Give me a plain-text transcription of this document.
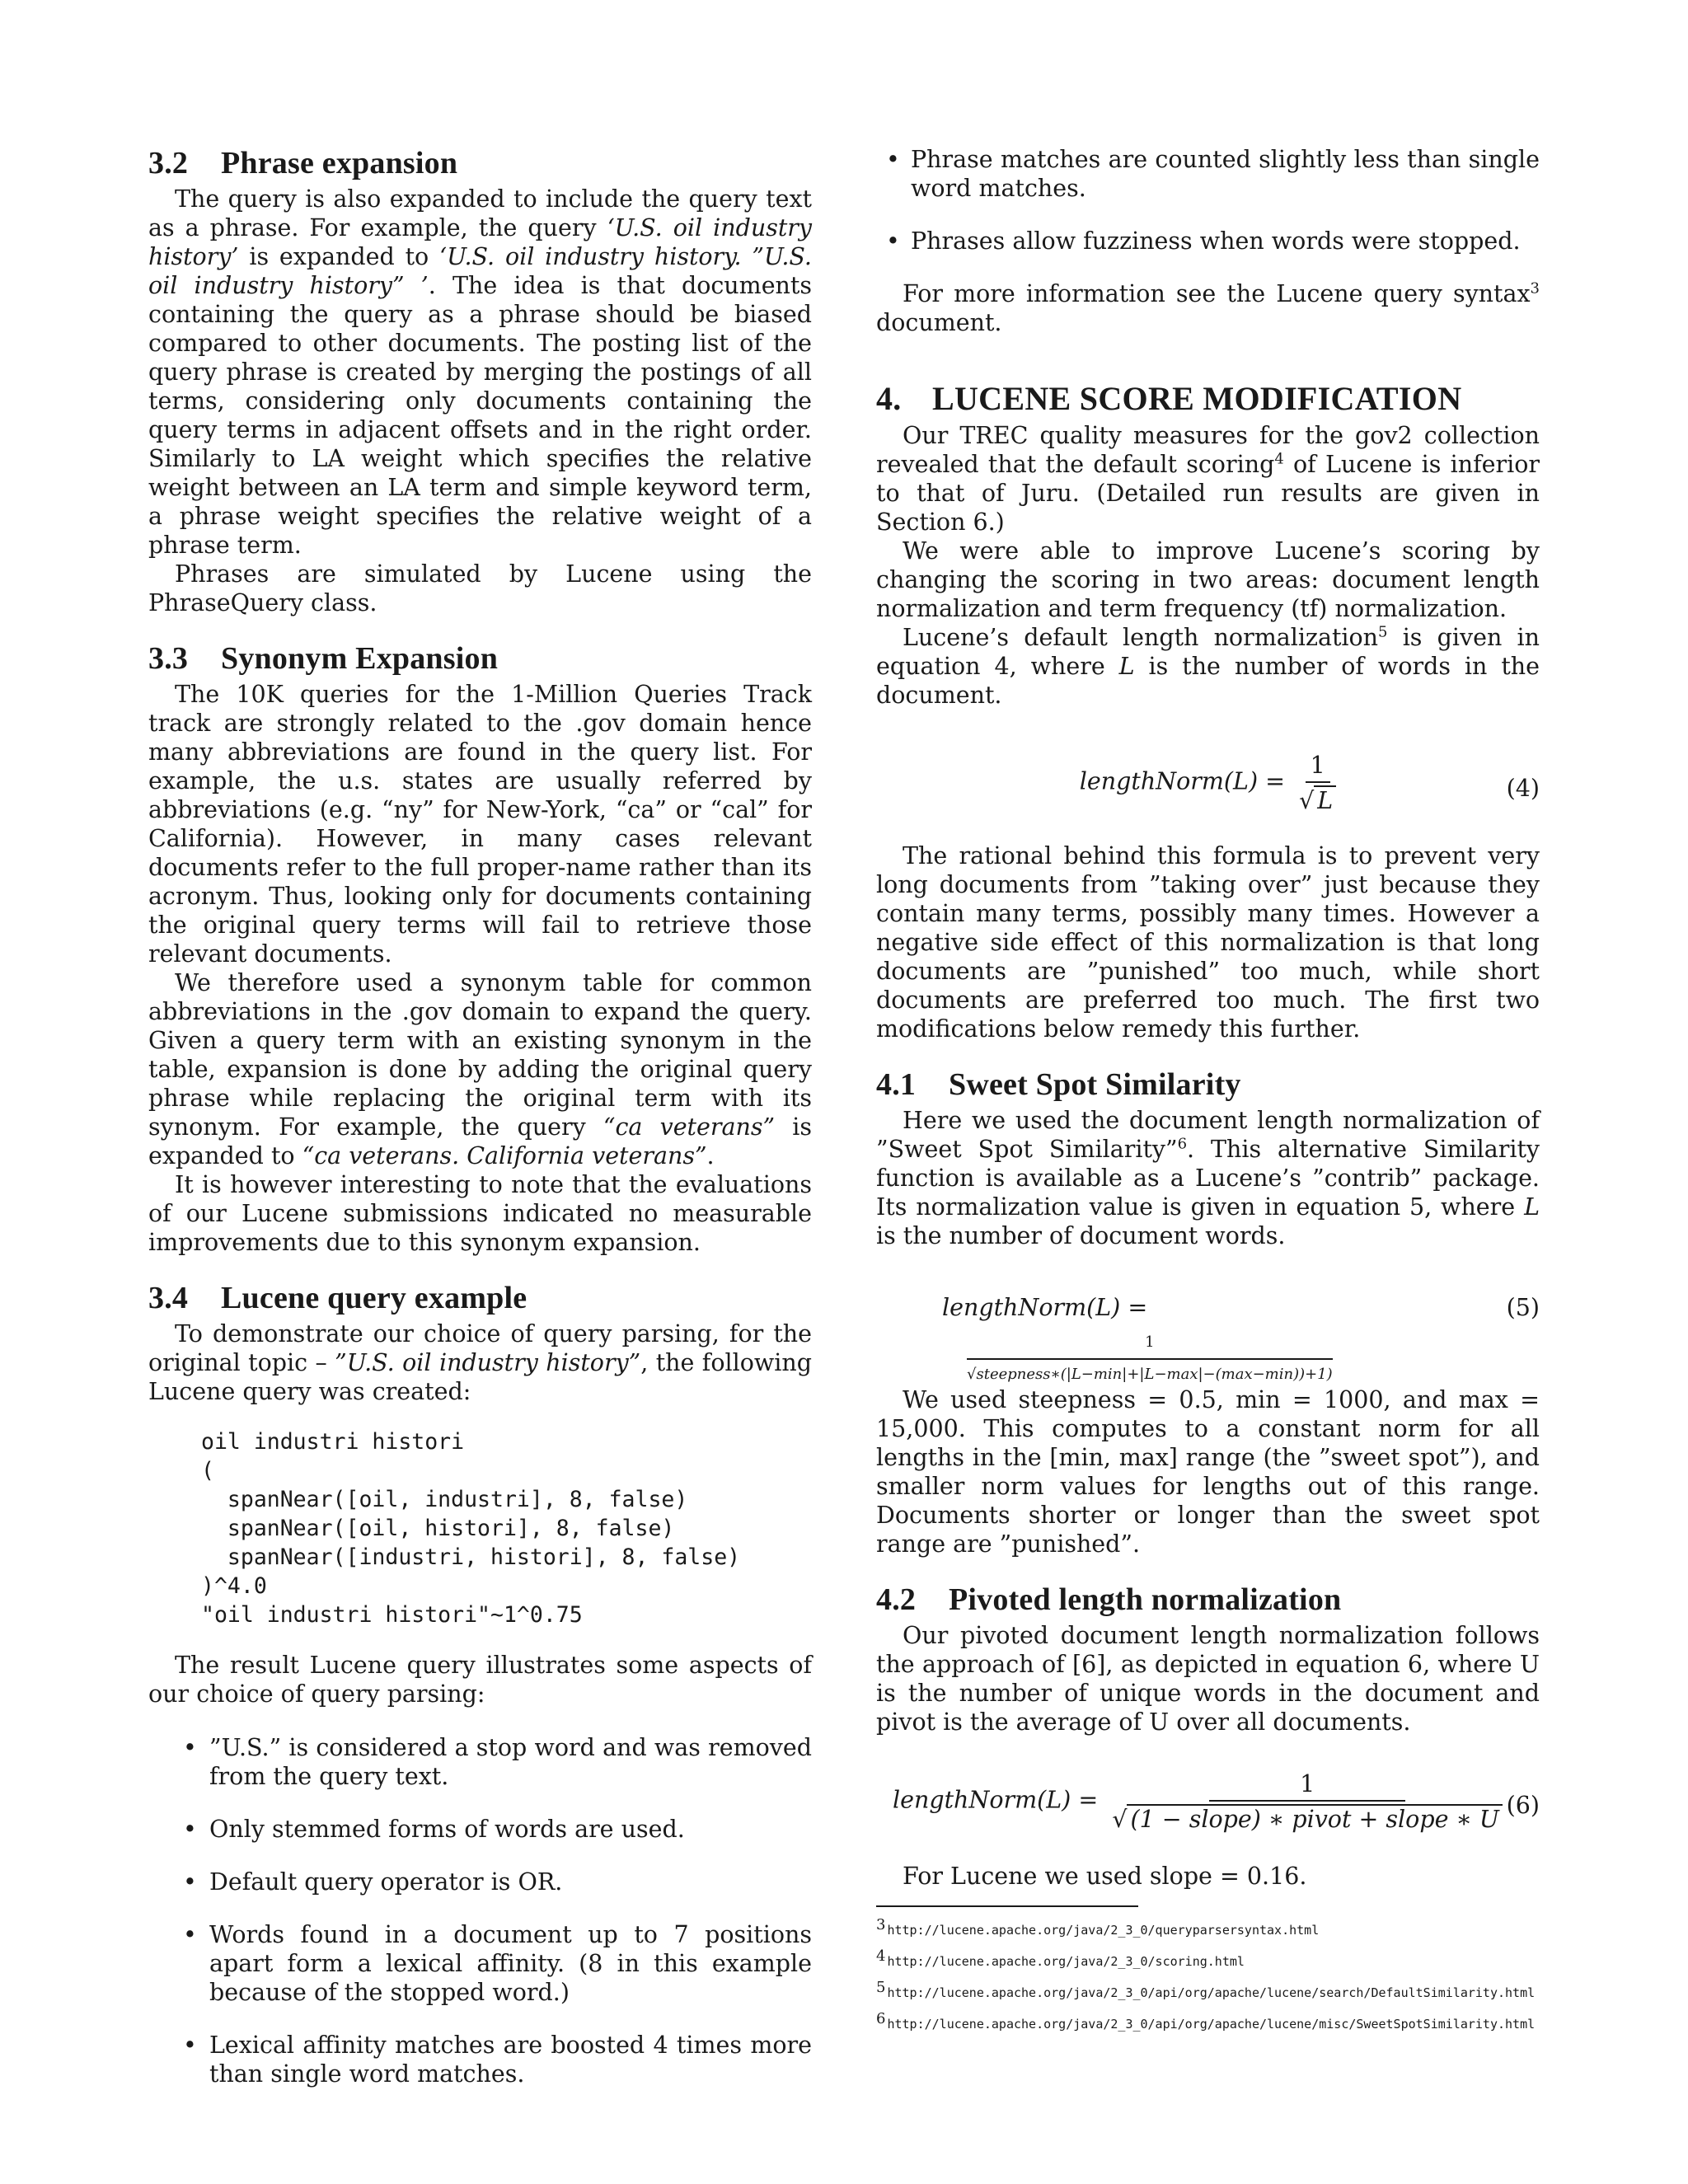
3.2 Phrase expansion

The query is also expanded to include the query text as a phrase. For example, the query ‘U.S. oil industry history’ is expanded to ‘U.S. oil industry history. ”U.S. oil industry history” ’. The idea is that documents containing the query as a phrase should be biased compared to other documents. The posting list of the query phrase is created by merging the postings of all terms, considering only documents containing the query terms in adjacent offsets and in the right order. Similarly to LA weight which specifies the relative weight between an LA term and simple keyword term, a phrase weight specifies the relative weight of a phrase term.

Phrases are simulated by Lucene using the PhraseQuery class.

3.3 Synonym Expansion

The 10K queries for the 1-Million Queries Track track are strongly related to the .gov domain hence many abbreviations are found in the query list. For example, the u.s. states are usually referred by abbreviations (e.g. “ny” for New-York, “ca” or “cal” for California). However, in many cases relevant documents refer to the full proper-name rather than its acronym. Thus, looking only for documents containing the original query terms will fail to retrieve those relevant documents.

We therefore used a synonym table for common abbreviations in the .gov domain to expand the query. Given a query term with an existing synonym in the table, expansion is done by adding the original query phrase while replacing the original term with its synonym. For example, the query “ca veterans” is expanded to “ca veterans. California veterans”.

It is however interesting to note that the evaluations of our Lucene submissions indicated no measurable improvements due to this synonym expansion.

3.4 Lucene query example

To demonstrate our choice of query parsing, for the original topic – ”U.S. oil industry history”, the following Lucene query was created:

oil industri histori
(
spanNear([oil, industri], 8, false)
spanNear([oil, histori], 8, false)
spanNear([industri, histori], 8, false)
)^4.0
"oil industri histori"~1^0.75

The result Lucene query illustrates some aspects of our choice of query parsing:

• ”U.S.” is considered a stop word and was removed from the query text.
• Only stemmed forms of words are used.
• Default query operator is OR.
• Words found in a document up to 7 positions apart form a lexical affinity. (8 in this example because of the stopped word.)
• Lexical affinity matches are boosted 4 times more than single word matches.
• Phrase matches are counted slightly less than single word matches.
• Phrases allow fuzziness when words were stopped.

For more information see the Lucene query syntax$^3$ document.

4. LUCENE SCORE MODIFICATION

Our TREC quality measures for the gov2 collection revealed that the default scoring$^4$ of Lucene is inferior to that of Juru. (Detailed run results are given in Section 6.)

We were able to improve Lucene’s scoring by changing the scoring in two areas: document length normalization and term frequency (tf) normalization.

Lucene’s default length normalization$^5$ is given in equation 4, where L is the number of words in the document.

lengthNorm(L) = $\frac{1}{√ L}$	(4)

The rational behind this formula is to prevent very long documents from ”taking over” just because they contain many terms, possibly many times. However a negative side effect of this normalization is that long documents are ”punished” too much, while short documents are preferred too much. The first two modifications below remedy this further.

4.1 Sweet Spot Similarity

Here we used the document length normalization of ”Sweet Spot Similarity”$^6$. This alternative Similarity function is available as a Lucene’s ”contrib” package. Its normalization value is given in equation 5, where L is the number of document words.

lengthNorm(L) =	(5)
1
√steepness∗(|L−min|+|L−max|−(max−min))+1)

We used steepness = 0.5, min = 1000, and max = 15,000. This computes to a constant norm for all lengths in the [min, max] range (the ”sweet spot”), and smaller norm values for lengths out of this range. Documents shorter or longer than the sweet spot range are ”punished”.

4.2 Pivoted length normalization

Our pivoted document length normalization follows the approach of [6], as depicted in equation 6, where U is the number of unique words in the document and pivot is the average of U over all documents.

lengthNorm(L) = $\frac{1}{\text{√ (1 − slope) ∗ pivot + slope ∗ U}} (6)$

For Lucene we used slope = 0.16.

3 http://lucene.apache.org/java/2_3_0/queryparsersyntax.html
4 http://lucene.apache.org/java/2_3_0/scoring.html
5 http://lucene.apache.org/java/2_3_0/api/org/apache/lucene/search/DefaultSimilarity.html
6 http://lucene.apache.org/java/2_3_0/api/org/apache/lucene/misc/SweetSpotSimilarity.html
